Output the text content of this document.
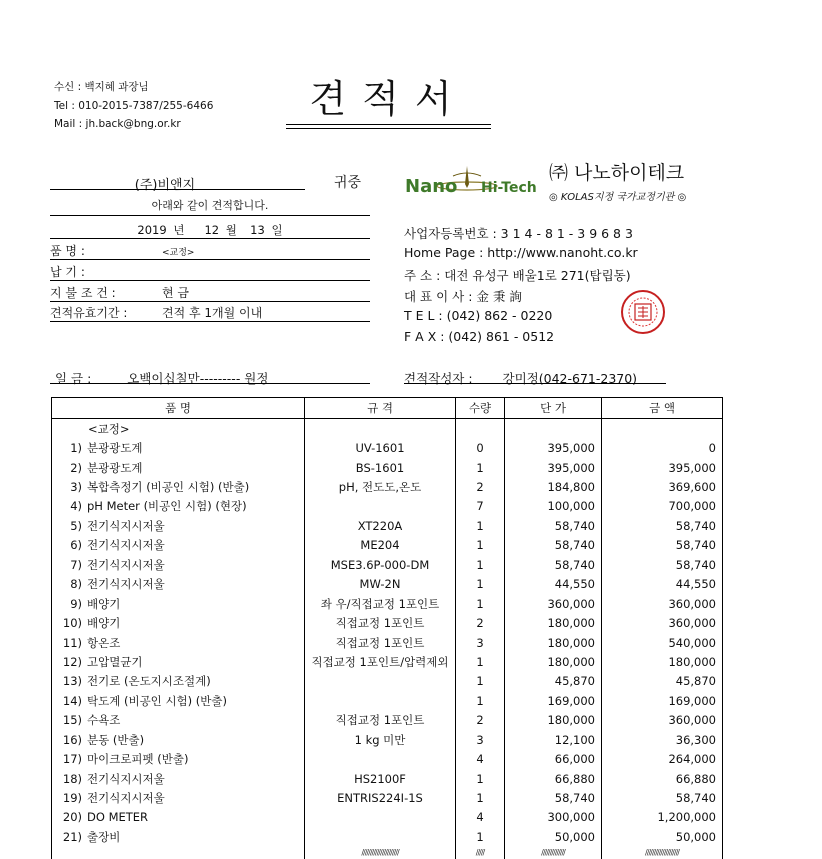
수신 : 백지혜 과장님
Tel : 010-2015-7387/255-6466
Mail : jh.back@bng.or.kr
견적서
(주)비앤지	귀중
아래와 같이 견적합니다.
2019 년 12 월 13 일
품 명 :	<교정>
납 기 :
지 불 조 건 :	현 금
견적유효기간 :	견적 후 1개월 이내
Nano Hi-Tech
㈜ 나노하이테크
◎ KOLAS지정 국가교정기관 ◎
사업자등록번호 : 3 1 4 - 8 1 - 3 9 6 8 3
Home Page : http://www.nanoht.co.kr
주 소 : 대전 유성구 배울1로 271(탑립동)
대 표 이 사 : 金 秉 詢
T E L : (042) 862 - 0220
F A X : (042) 861 - 0512
일 금 :	오백이십칠만--------- 원정	견적작성자 : 강미정(042-671-2370)
품 명	규 격	수량	단 가	금 액
<교정>				
1) 분광광도계	UV-1601	0	395,000	0
2) 분광광도계	BS-1601	1	395,000	395,000
3) 복합측정기 (비공인 시험) (반출)	pH, 전도도,온도	2	184,800	369,600
4) pH Meter (비공인 시험) (현장)		7	100,000	700,000
5) 전기식지시저울	XT220A	1	58,740	58,740
6) 전기식지시저울	ME204	1	58,740	58,740
7) 전기식지시저울	MSE3.6P-000-DM	1	58,740	58,740
8) 전기식지시저울	MW-2N	1	44,550	44,550
9) 배양기	좌 우/직접교정 1포인트	1	360,000	360,000
10) 배양기	직접교정 1포인트	2	180,000	360,000
11) 항온조	직접교정 1포인트	3	180,000	540,000
12) 고압멸균기	직접교정 1포인트/압력제외	1	180,000	180,000
13) 전기로 (온도지시조절계)		1	45,870	45,870
14) 탁도계 (비공인 시험) (반출)		1	169,000	169,000
15) 수욕조	직접교정 1포인트	2	180,000	360,000
16) 분동 (반출)	1 kg 미만	3	12,100	36,300
17) 마이크로피펫 (반출)		4	66,000	264,000
18) 전기식지시저울	HS2100F	1	66,880	66,880
19) 전기식지시저울	ENTRIS224I-1S	1	58,740	58,740
20) DO METER		4	300,000	1,200,000
21) 출장비		1	50,000	50,000
	//////////////////////	/////	//////////////	////////////////////
